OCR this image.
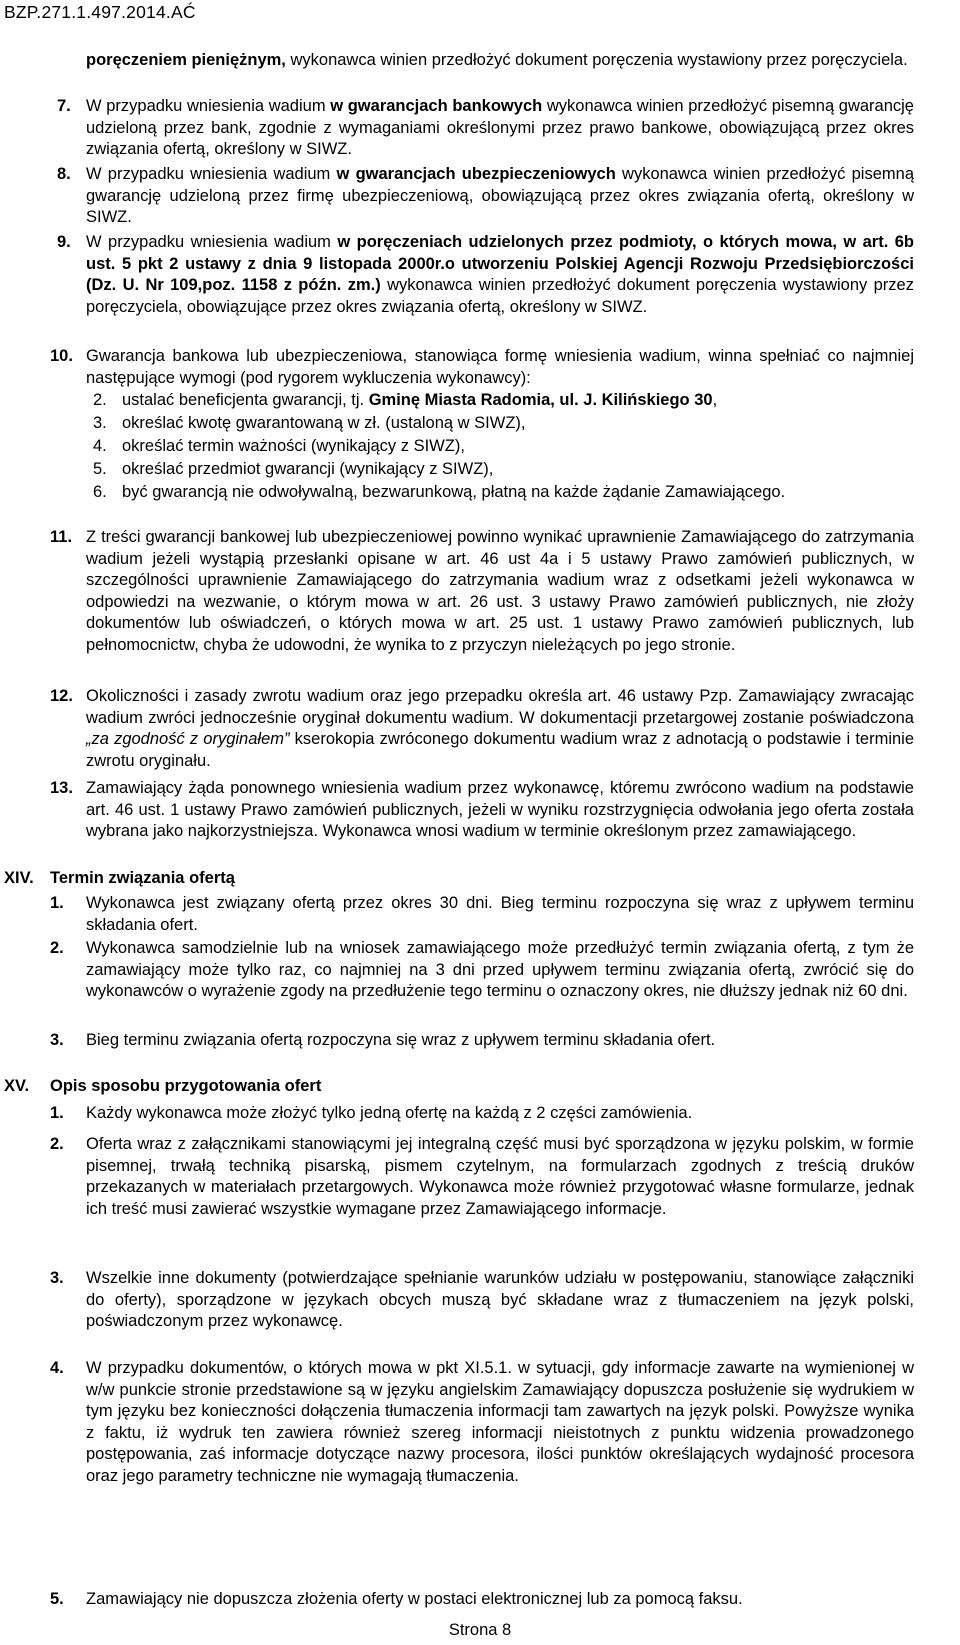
BZP.271.1.497.2014.AĆ
poręczeniem pieniężnym, wykonawca winien przedłożyć dokument poręczenia wystawiony przez poręczyciela.
7. W przypadku wniesienia wadium w gwarancjach bankowych wykonawca winien przedłożyć pisemną gwarancję udzieloną przez bank, zgodnie z wymaganiami określonymi przez prawo bankowe, obowiązującą przez okres związania ofertą, określony w SIWZ.
8. W przypadku wniesienia wadium w gwarancjach ubezpieczeniowych wykonawca winien przedłożyć pisemną gwarancję udzieloną przez firmę ubezpieczeniową, obowiązującą przez okres związania ofertą, określony w SIWZ.
9. W przypadku wniesienia wadium w poręczeniach udzielonych przez podmioty, o których mowa, w art. 6b ust. 5 pkt 2 ustawy z dnia 9 listopada 2000r.o utworzeniu Polskiej Agencji Rozwoju Przedsiębiorczości (Dz. U. Nr 109,poz. 1158 z późn. zm.) wykonawca winien przedłożyć dokument poręczenia wystawiony przez poręczyciela, obowiązujące przez okres związania ofertą, określony w SIWZ.
10. Gwarancja bankowa lub ubezpieczeniowa, stanowiąca formę wniesienia wadium, winna spełniać co najmniej następujące wymogi (pod rygorem wykluczenia wykonawcy):
2. ustalać beneficjenta gwarancji, tj. Gminę Miasta Radomia, ul. J. Kilińskiego 30,
3. określać kwotę gwarantowaną w zł. (ustaloną w SIWZ),
4. określać termin ważności (wynikający z SIWZ),
5. określać przedmiot gwarancji (wynikający z SIWZ),
6. być gwarancją nie odwoływalną, bezwarunkową, płatną na każde żądanie Zamawiającego.
11. Z treści gwarancji bankowej lub ubezpieczeniowej powinno wynikać uprawnienie Zamawiającego do zatrzymania wadium jeżeli wystąpią przesłanki opisane w art. 46 ust 4a i 5 ustawy Prawo zamówień publicznych, w szczególności uprawnienie Zamawiającego do zatrzymania wadium wraz z odsetkami jeżeli wykonawca w odpowiedzi na wezwanie, o którym mowa w art. 26 ust. 3 ustawy Prawo zamówień publicznych, nie złoży dokumentów lub oświadczeń, o których mowa w art. 25 ust. 1 ustawy Prawo zamówień publicznych, lub pełnomocnictw, chyba że udowodni, że wynika to z przyczyn nieleżących po jego stronie.
12. Okoliczności i zasady zwrotu wadium oraz jego przepadku określa art. 46 ustawy Pzp. Zamawiający zwracając wadium zwróci jednocześnie oryginał dokumentu wadium. W dokumentacji przetargowej zostanie poświadczona „za zgodność z oryginałem” kserokopia zwróconego dokumentu wadium wraz z adnotacją o podstawie i terminie zwrotu oryginału.
13. Zamawiający żąda ponownego wniesienia wadium przez wykonawcę, któremu zwrócono wadium na podstawie art. 46 ust. 1 ustawy Prawo zamówień publicznych, jeżeli w wyniku rozstrzygnięcia odwołania jego oferta została wybrana jako najkorzystniejsza. Wykonawca wnosi wadium w terminie określonym przez zamawiającego.
XIV. Termin związania ofertą
1. Wykonawca jest związany ofertą przez okres 30 dni. Bieg terminu rozpoczyna się wraz z upływem terminu składania ofert.
2. Wykonawca samodzielnie lub na wniosek zamawiającego może przedłużyć termin związania ofertą, z tym że zamawiający może tylko raz, co najmniej na 3 dni przed upływem terminu związania ofertą, zwrócić się do wykonawców o wyrażenie zgody na przedłużenie tego terminu o oznaczony okres, nie dłuższy jednak niż 60 dni.
3. Bieg terminu związania ofertą rozpoczyna się wraz z upływem terminu składania ofert.
XV. Opis sposobu przygotowania ofert
1. Każdy wykonawca może złożyć tylko jedną ofertę na każdą z 2 części zamówienia.
2. Oferta wraz z załącznikami stanowiącymi jej integralną część musi być sporządzona w języku polskim, w formie pisemnej, trwałą techniką pisarską, pismem czytelnym, na formularzach zgodnych z treścią druków przekazanych w materiałach przetargowych. Wykonawca może również przygotować własne formularze, jednak ich treść musi zawierać wszystkie wymagane przez Zamawiającego informacje.
3. Wszelkie inne dokumenty (potwierdzające spełnianie warunków udziału w postępowaniu, stanowiące załączniki do oferty), sporządzone w językach obcych muszą być składane wraz z tłumaczeniem na język polski, poświadczonym przez wykonawcę.
4. W przypadku dokumentów, o których mowa w pkt XI.5.1. w sytuacji, gdy informacje zawarte na wymienionej w w/w punkcie stronie przedstawione są w języku angielskim Zamawiający dopuszcza posłużenie się wydrukiem w tym języku bez konieczności dołączenia tłumaczenia informacji tam zawartych na język polski. Powyższe wynika z faktu, iż wydruk ten zawiera również szereg informacji nieistotnych z punktu widzenia prowadzonego postępowania, zaś informacje dotyczące nazwy procesora, ilości punktów określających wydajność procesora oraz jego parametry techniczne nie wymagają tłumaczenia.
5. Zamawiający nie dopuszcza złożenia oferty w postaci elektronicznej lub za pomocą faksu.
Strona 8
